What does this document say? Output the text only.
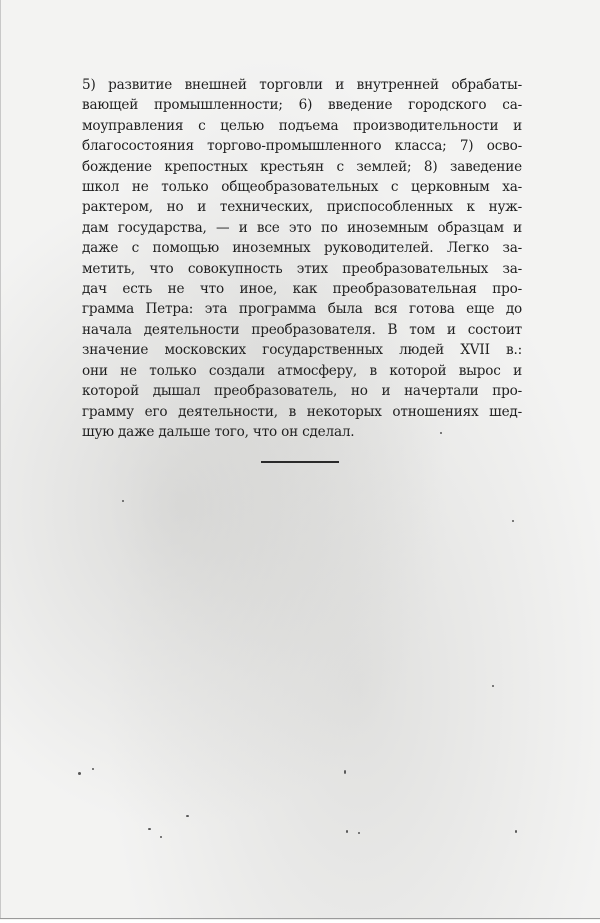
5) развитие внешней торговли и внутренней обрабаты-
вающей промышленности; 6) введение городского са-
моуправления с целью подъема производительности и
благосостояния торгово-промышленного класса; 7) осво-
бождение крепостных крестьян с землей; 8) заведение
школ не только общеобразовательных с церковным ха-
рактером, но и технических, приспособленных к нуж-
дам государства, — и все это по иноземным образцам и
даже с помощью иноземных руководителей. Легко за-
метить, что совокупность этих преобразовательных за-
дач есть не что иное, как преобразовательная про-
грамма Петра: эта программа была вся готова еще до
начала деятельности преобразователя. В том и состоит
значение московских государственных людей XVII в.:
они не только создали атмосферу, в которой вырос и
которой дышал преобразователь, но и начертали про-
грамму его деятельности, в некоторых отношениях шед-
шую даже дальше того, что он сделал.
